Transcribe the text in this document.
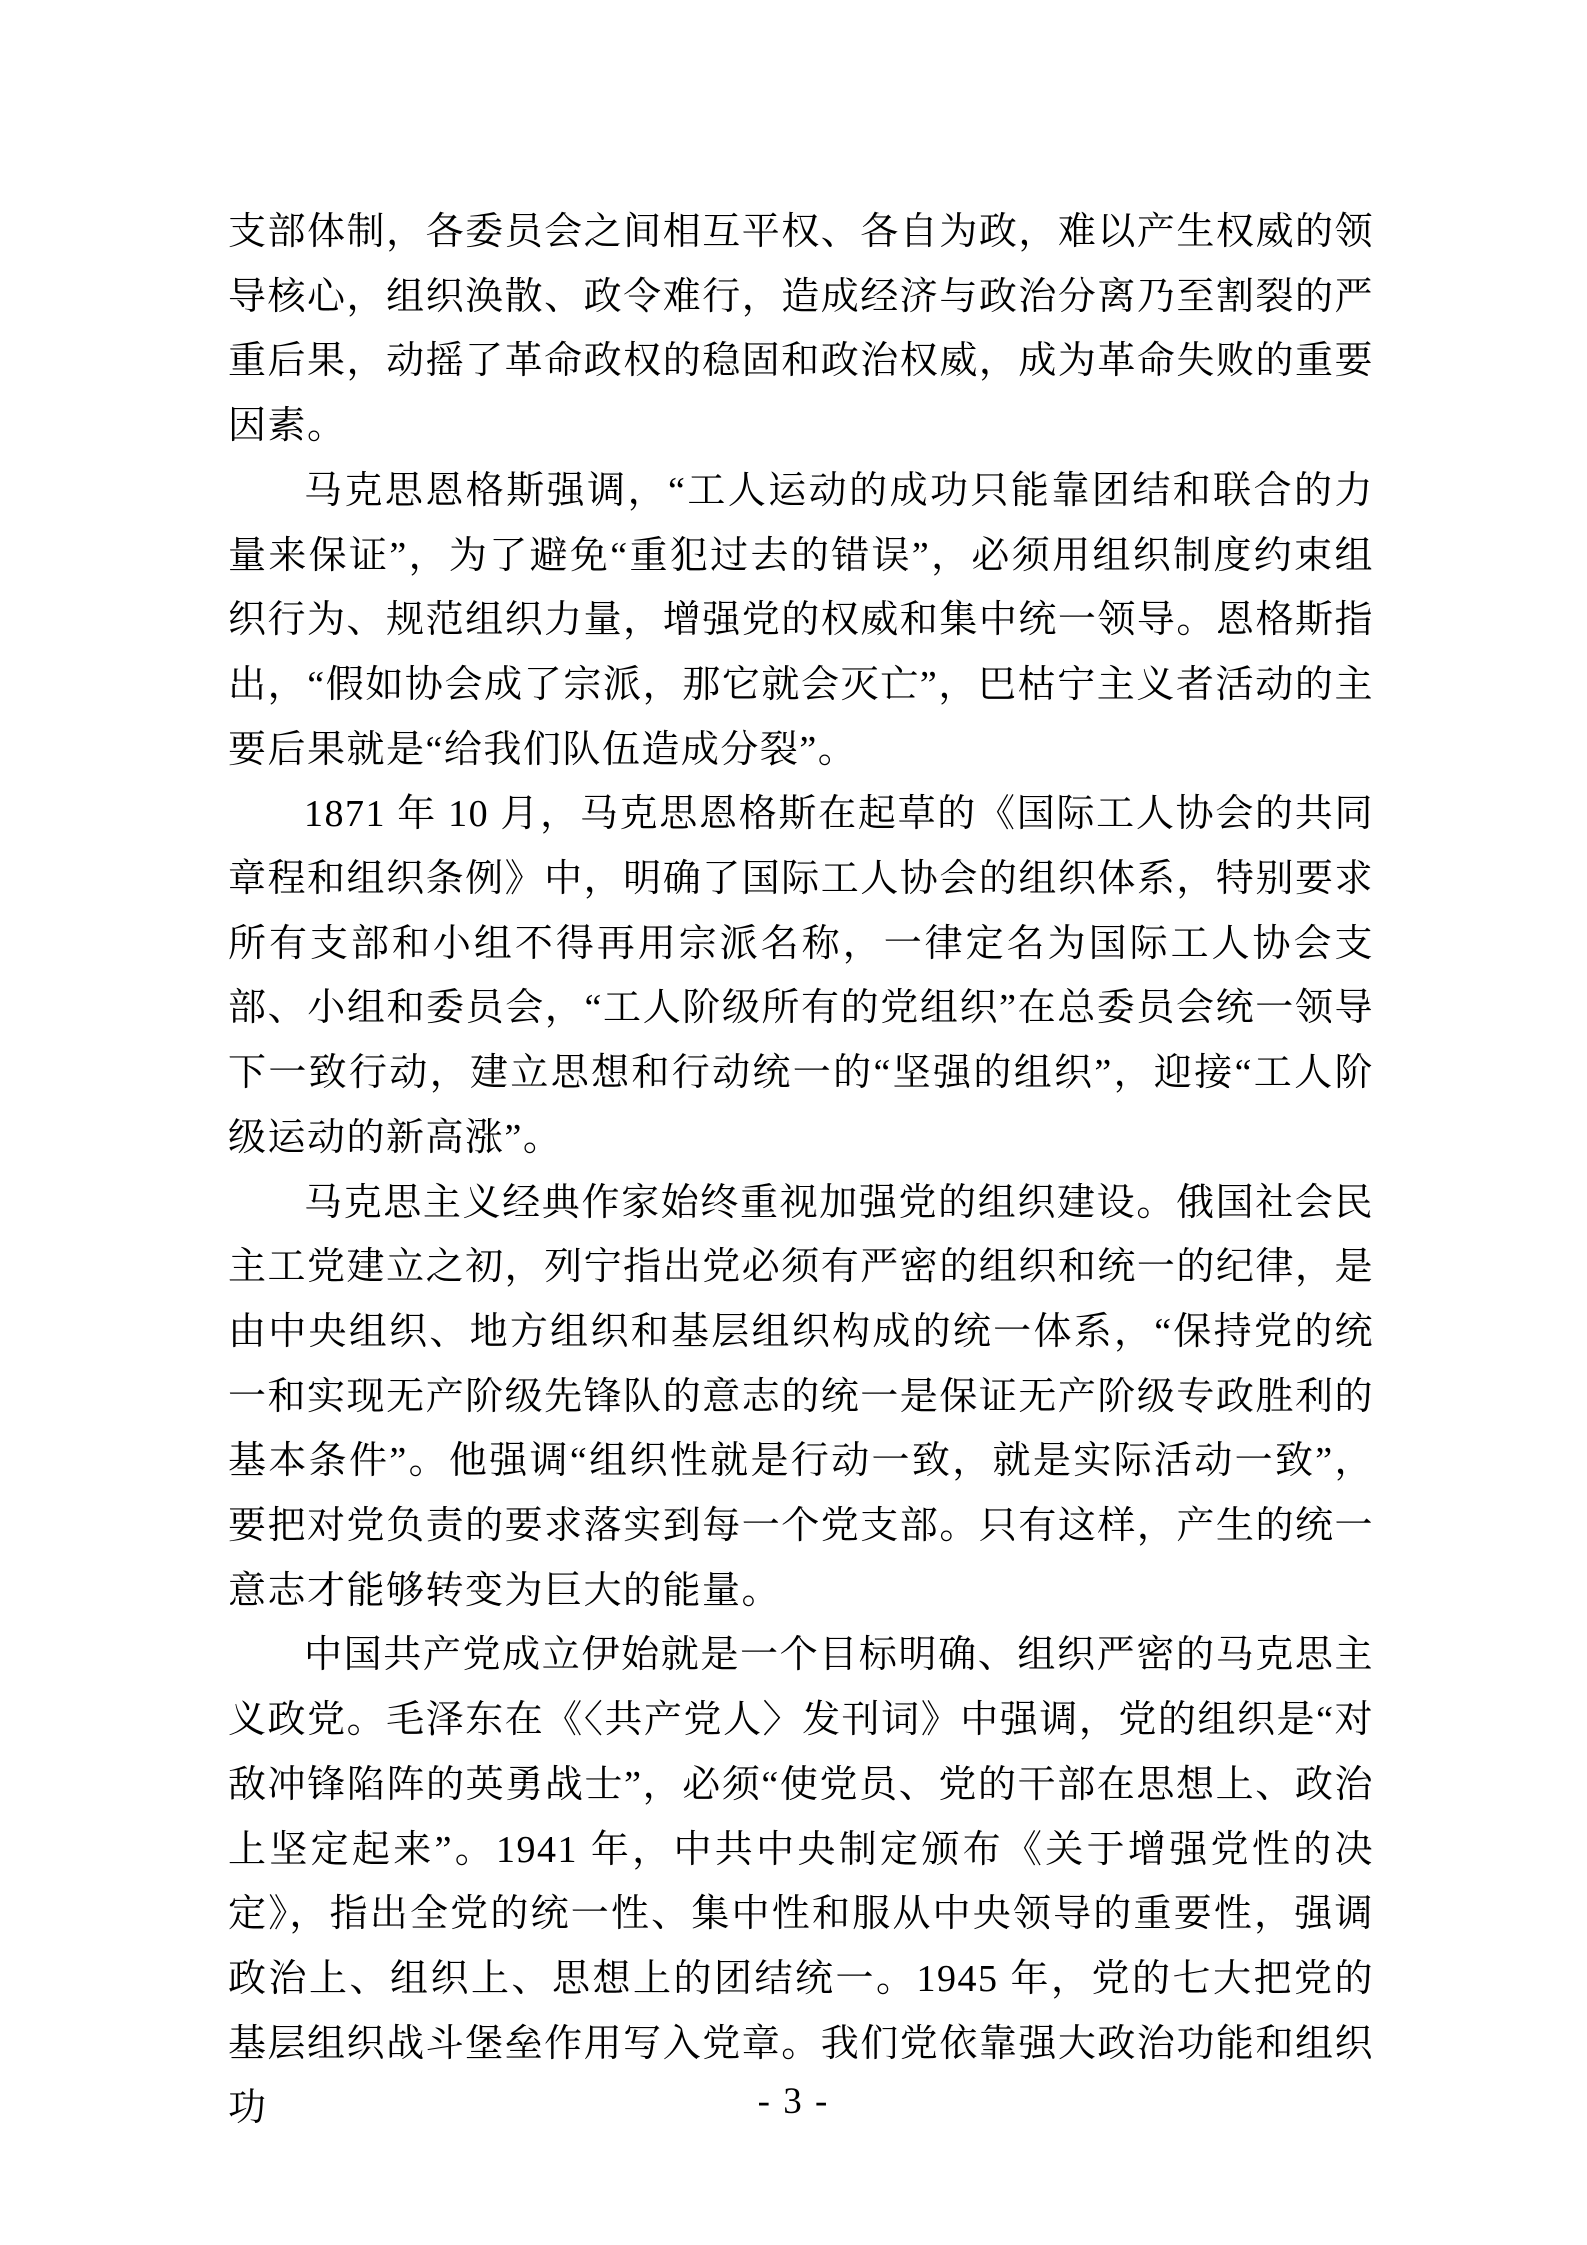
支部体制，各委员会之间相互平权、各自为政，难以产生权威的领导核心，组织涣散、政令难行，造成经济与政治分离乃至割裂的严重后果，动摇了革命政权的稳固和政治权威，成为革命失败的重要因素。

马克思恩格斯强调，“工人运动的成功只能靠团结和联合的力量来保证”，为了避免“重犯过去的错误”，必须用组织制度约束组织行为、规范组织力量，增强党的权威和集中统一领导。恩格斯指出，“假如协会成了宗派，那它就会灭亡”，巴枯宁主义者活动的主要后果就是“给我们队伍造成分裂”。

1871 年 10 月，马克思恩格斯在起草的《国际工人协会的共同章程和组织条例》中，明确了国际工人协会的组织体系，特别要求所有支部和小组不得再用宗派名称，一律定名为国际工人协会支部、小组和委员会，“工人阶级所有的党组织”在总委员会统一领导下一致行动，建立思想和行动统一的“坚强的组织”，迎接“工人阶级运动的新高涨”。

马克思主义经典作家始终重视加强党的组织建设。俄国社会民主工党建立之初，列宁指出党必须有严密的组织和统一的纪律，是由中央组织、地方组织和基层组织构成的统一体系，“保持党的统一和实现无产阶级先锋队的意志的统一是保证无产阶级专政胜利的基本条件”。他强调“组织性就是行动一致，就是实际活动一致”，要把对党负责的要求落实到每一个党支部。只有这样，产生的统一意志才能够转变为巨大的能量。

中国共产党成立伊始就是一个目标明确、组织严密的马克思主义政党。毛泽东在《〈共产党人〉发刊词》中强调，党的组织是“对敌冲锋陷阵的英勇战士”，必须“使党员、党的干部在思想上、政治上坚定起来”。1941 年，中共中央制定颁布《关于增强党性的决定》，指出全党的统一性、集中性和服从中央领导的重要性，强调政治上、组织上、思想上的团结统一。1945 年，党的七大把党的基层组织战斗堡垒作用写入党章。我们党依靠强大政治功能和组织功	- 3 -
